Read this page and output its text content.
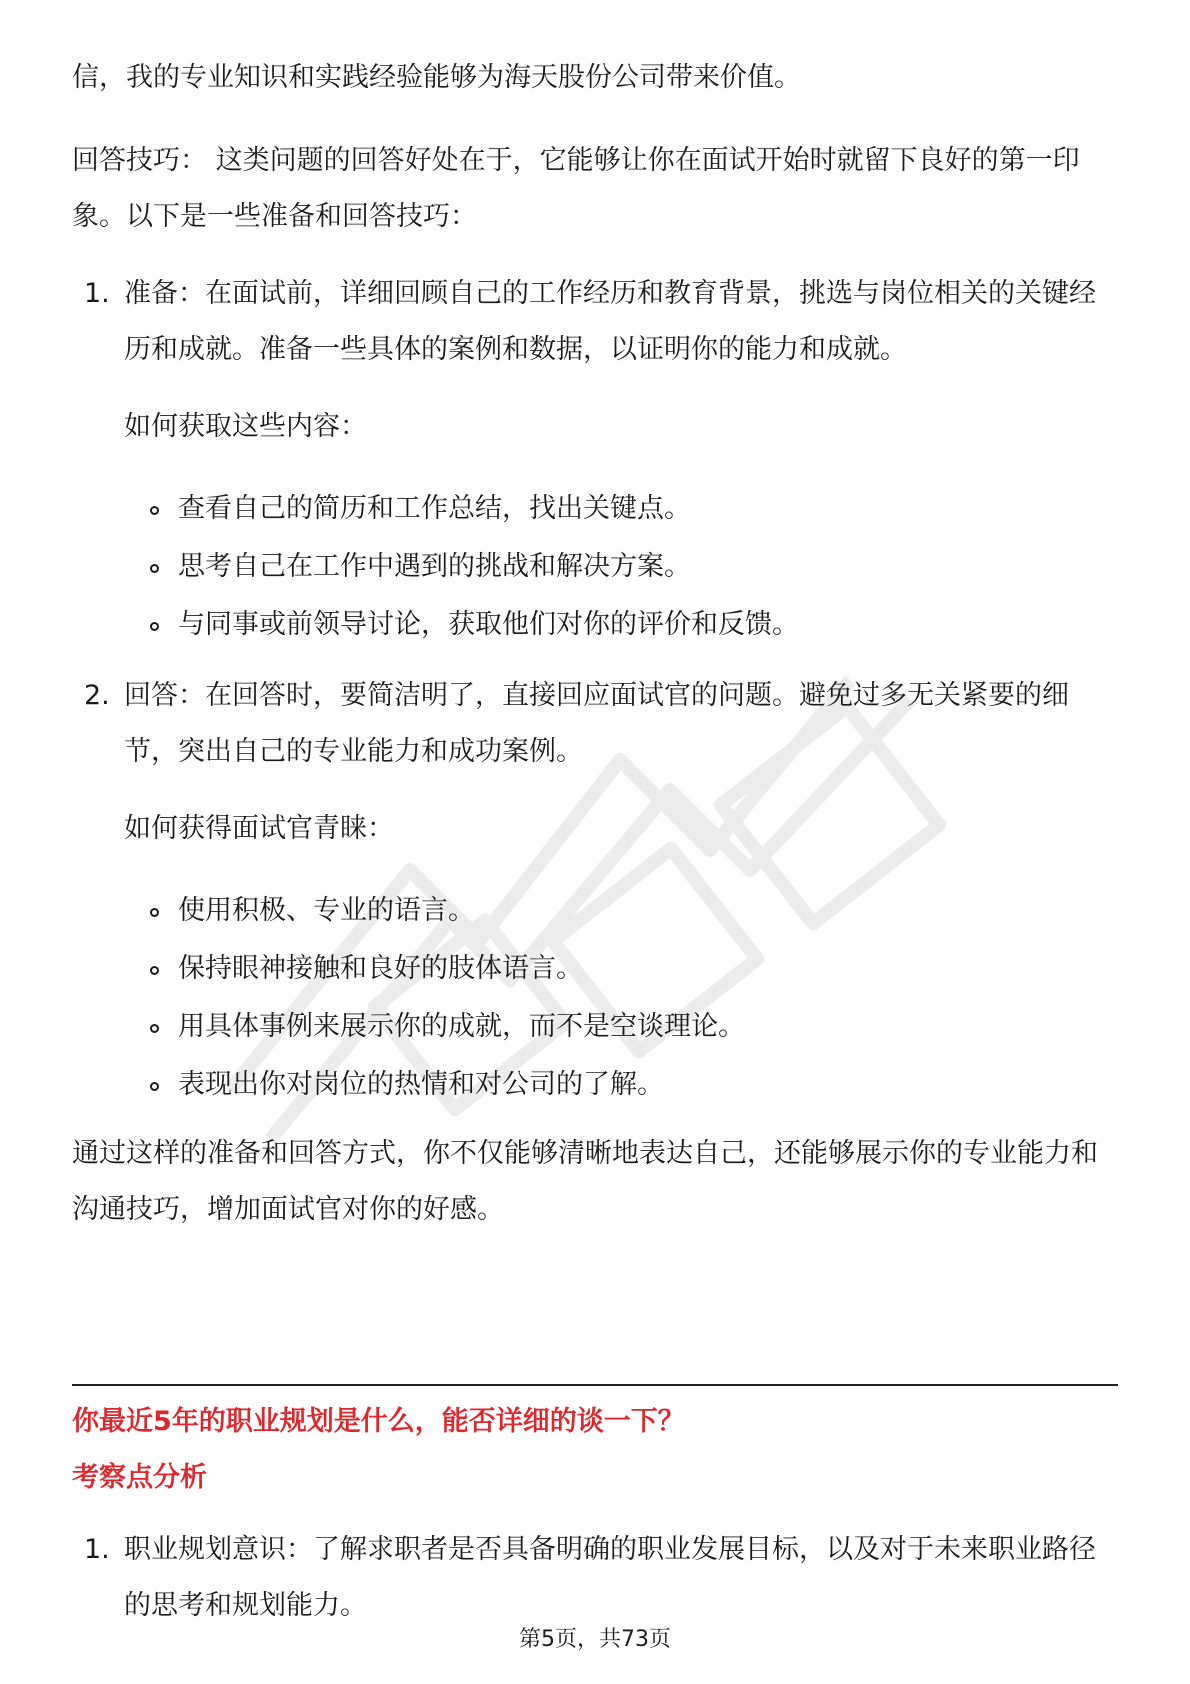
信，我的专业知识和实践经验能够为海天股份公司带来价值。

回答技巧： 这类问题的回答好处在于，它能够让你在面试开始时就留下良好的第一印象。以下是一些准备和回答技巧：

1. 准备：在面试前，详细回顾自己的工作经历和教育背景，挑选与岗位相关的关键经历和成就。准备一些具体的案例和数据，以证明你的能力和成就。
如何获取这些内容：
查看自己的简历和工作总结，找出关键点。
思考自己在工作中遇到的挑战和解决方案。
与同事或前领导讨论，获取他们对你的评价和反馈。
2. 回答：在回答时，要简洁明了，直接回应面试官的问题。避免过多无关紧要的细节，突出自己的专业能力和成功案例。
如何获得面试官青睐：
使用积极、专业的语言。
保持眼神接触和良好的肢体语言。
用具体事例来展示你的成就，而不是空谈理论。
表现出你对岗位的热情和对公司的了解。

通过这样的准备和回答方式，你不仅能够清晰地表达自己，还能够展示你的专业能力和沟通技巧，增加面试官对你的好感。

你最近5年的职业规划是什么，能否详细的谈一下？
考察点分析
1. 职业规划意识：了解求职者是否具备明确的职业发展目标，以及对于未来职业路径的思考和规划能力。
第5页，共73页
